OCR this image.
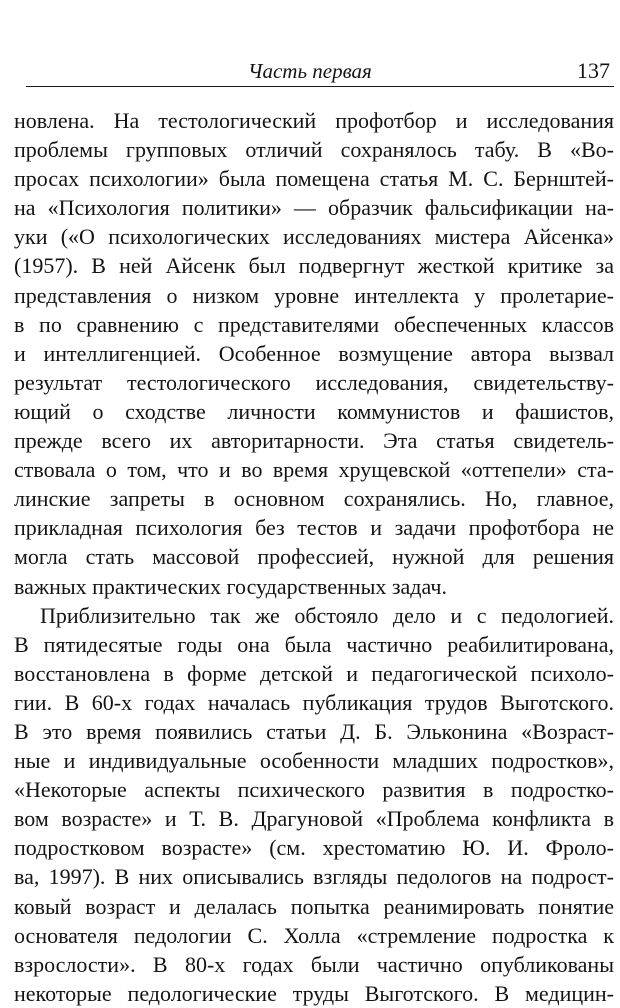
Часть первая	137
новлена. На тестологический профотбор и исследования
проблемы групповых отличий сохранялось табу. В «Во-
просах психологии» была помещена статья М. С. Бернштей-
на «Психология политики» — образчик фальсификации на-
уки («О психологических исследованиях мистера Айсенка»
(1957). В ней Айсенк был подвергнут жесткой критике за
представления о низком уровне интеллекта у пролетарие-
в по сравнению с представителями обеспеченных классов
и интеллигенцией. Особенное возмущение автора вызвал
результат тестологического исследования, свидетельству-
ющий о сходстве личности коммунистов и фашистов,
прежде всего их авторитарности. Эта статья свидетель-
ствовала о том, что и во время хрущевской «оттепели» ста-
линские запреты в основном сохранялись. Но, главное,
прикладная психология без тестов и задачи профотбора не
могла стать массовой профессией, нужной для решения
важных практических государственных задач.
Приблизительно так же обстояло дело и с педологией.
В пятидесятые годы она была частично реабилитирована,
восстановлена в форме детской и педагогической психоло-
гии. В 60-х годах началась публикация трудов Выготского.
В это время появились статьи Д. Б. Эльконина «Возраст-
ные и индивидуальные особенности младших подростков»,
«Некоторые аспекты психического развития в подростко-
вом возрасте» и Т. В. Драгуновой «Проблема конфликта в
подростковом возрасте» (см. хрестоматию Ю. И. Фроло-
ва, 1997). В них описывались взгляды педологов на подрост-
ковый возраст и делалась попытка реанимировать понятие
основателя педологии С. Холла «стремление подростка к
взрослости». В 80-х годах были частично опубликованы
некоторые педологические труды Выготского. В медицин-
